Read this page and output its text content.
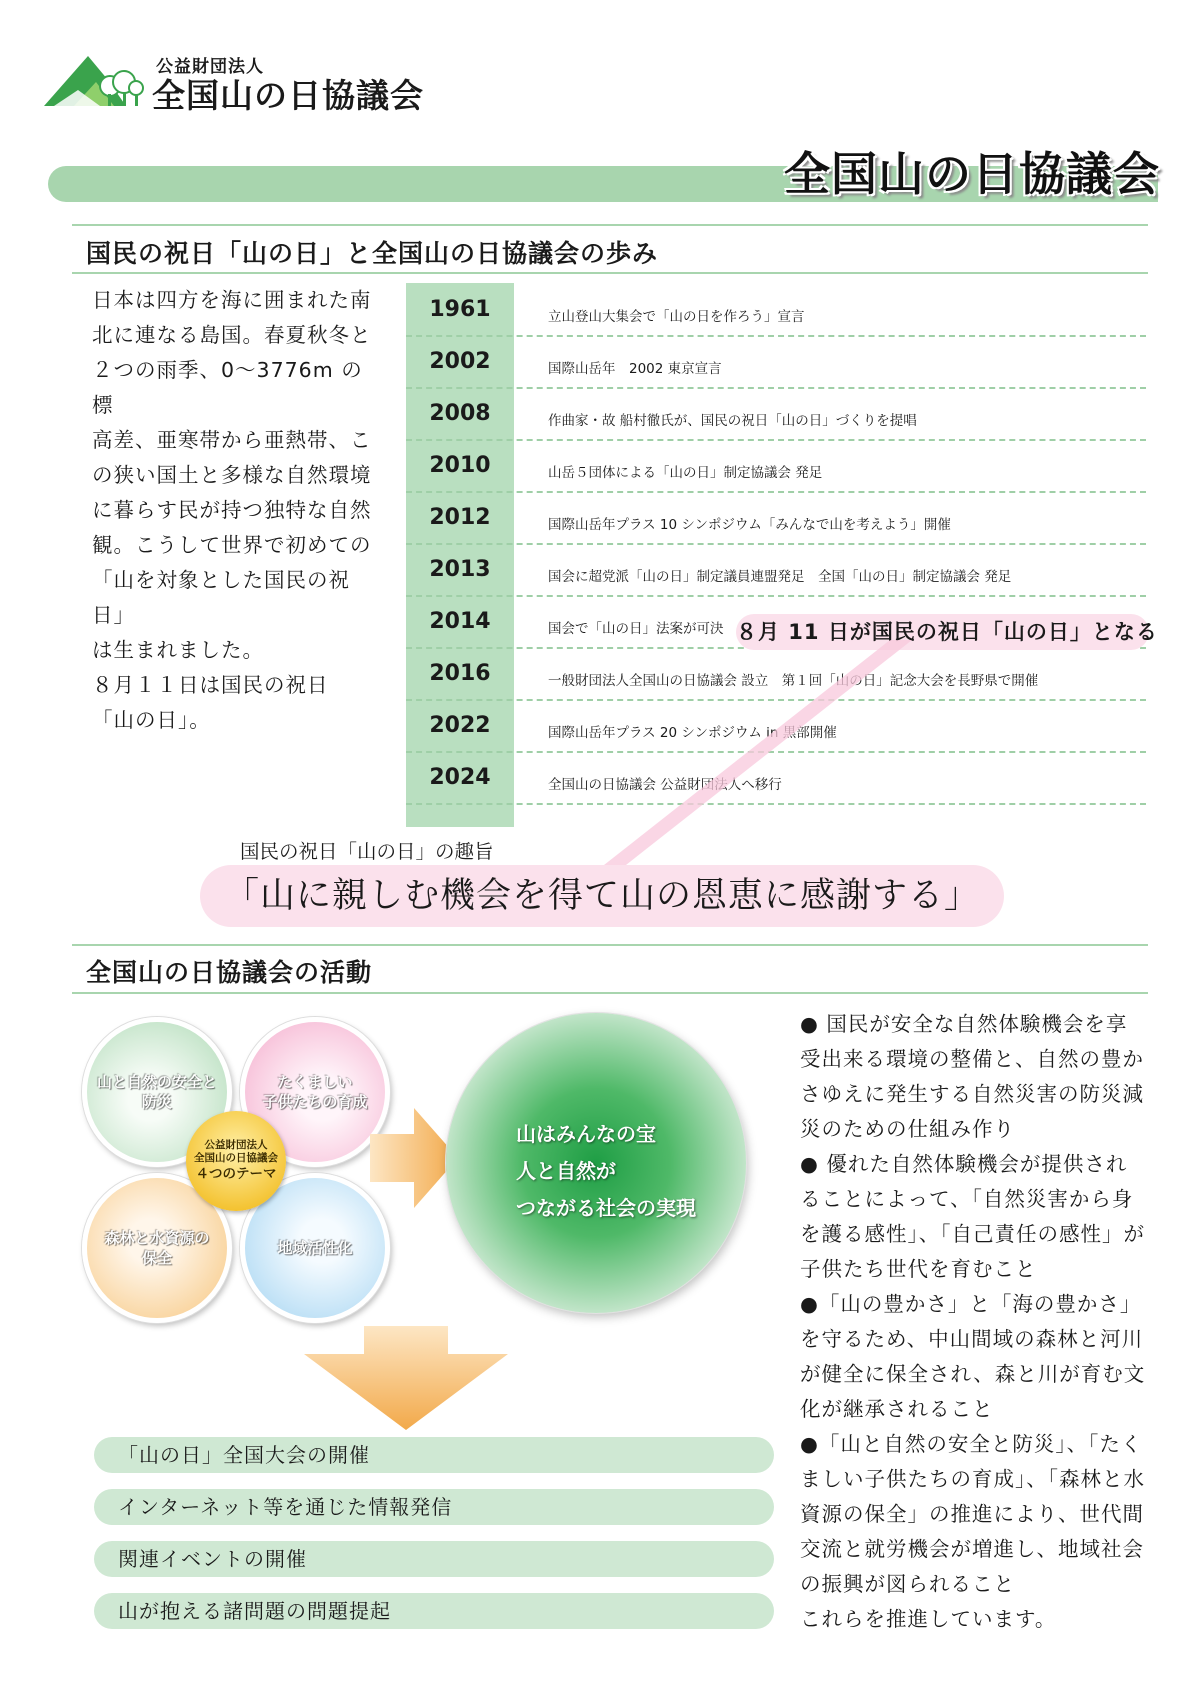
公益財団法人
全国山の日協議会
全国山の日協議会
国民の祝日「山の日」と全国山の日協議会の歩み

日本は四方を海に囲まれた南

北に連なる島国。春夏秋冬と

２つの雨季、0～3776m の標

高差、亜寒帯から亜熱帯、こ

の狭い国土と多様な自然環境

に暮らす民が持つ独特な自然

観。こうして世界で初めての

「山を対象とした国民の祝日」

は生まれました。

８月１１日は国民の祝日

「山の日」。

1961	立山登山大集会で「山の日を作ろう」宣言
2002	国際山岳年　2002 東京宣言
2008	作曲家・故 船村徹氏が、国民の祝日「山の日」づくりを提唱
2010	山岳５団体による「山の日」制定協議会 発足
2012	国際山岳年プラス 10 シンポジウム「みんなで山を考えよう」開催
2013	国会に超党派「山の日」制定議員連盟発足　全国「山の日」制定協議会 発足
2014	国会で「山の日」法案が可決
2016	一般財団法人全国山の日協議会 設立　第１回「山の日」記念大会を長野県で開催
2022	国際山岳年プラス 20 シンポジウム in 黒部開催
2024	全国山の日協議会 公益財団法人へ移行
８月 11 日が国民の祝日「山の日」となる
国民の祝日「山の日」の趣旨
「山に親しむ機会を得て山の恩恵に感謝する」
全国山の日協議会の活動
山と自然の安全と
防災
たくましい
子供たちの育成
森林と水資源の
保全
地域活性化
公益財団法人
全国山の日協議会
４つのテーマ
山はみんなの宝
人と自然が
つながる社会の実現
「山の日」全国大会の開催
インターネット等を通じた情報発信
関連イベントの開催
山が抱える諸問題の問題提起

● 国民が安全な自然体験機会を享

受出来る環境の整備と、自然の豊か

さゆえに発生する自然災害の防災減

災のための仕組み作り

● 優れた自然体験機会が提供され

ることによって、「自然災害から身

を護る感性」、「自己責任の感性」が

子供たち世代を育むこと

●「山の豊かさ」と「海の豊かさ」

を守るため、中山間域の森林と河川

が健全に保全され、森と川が育む文

化が継承されること

●「山と自然の安全と防災」、「たく

ましい子供たちの育成」、「森林と水

資源の保全」の推進により、世代間

交流と就労機会が増進し、地域社会

の振興が図られること

これらを推進しています。
